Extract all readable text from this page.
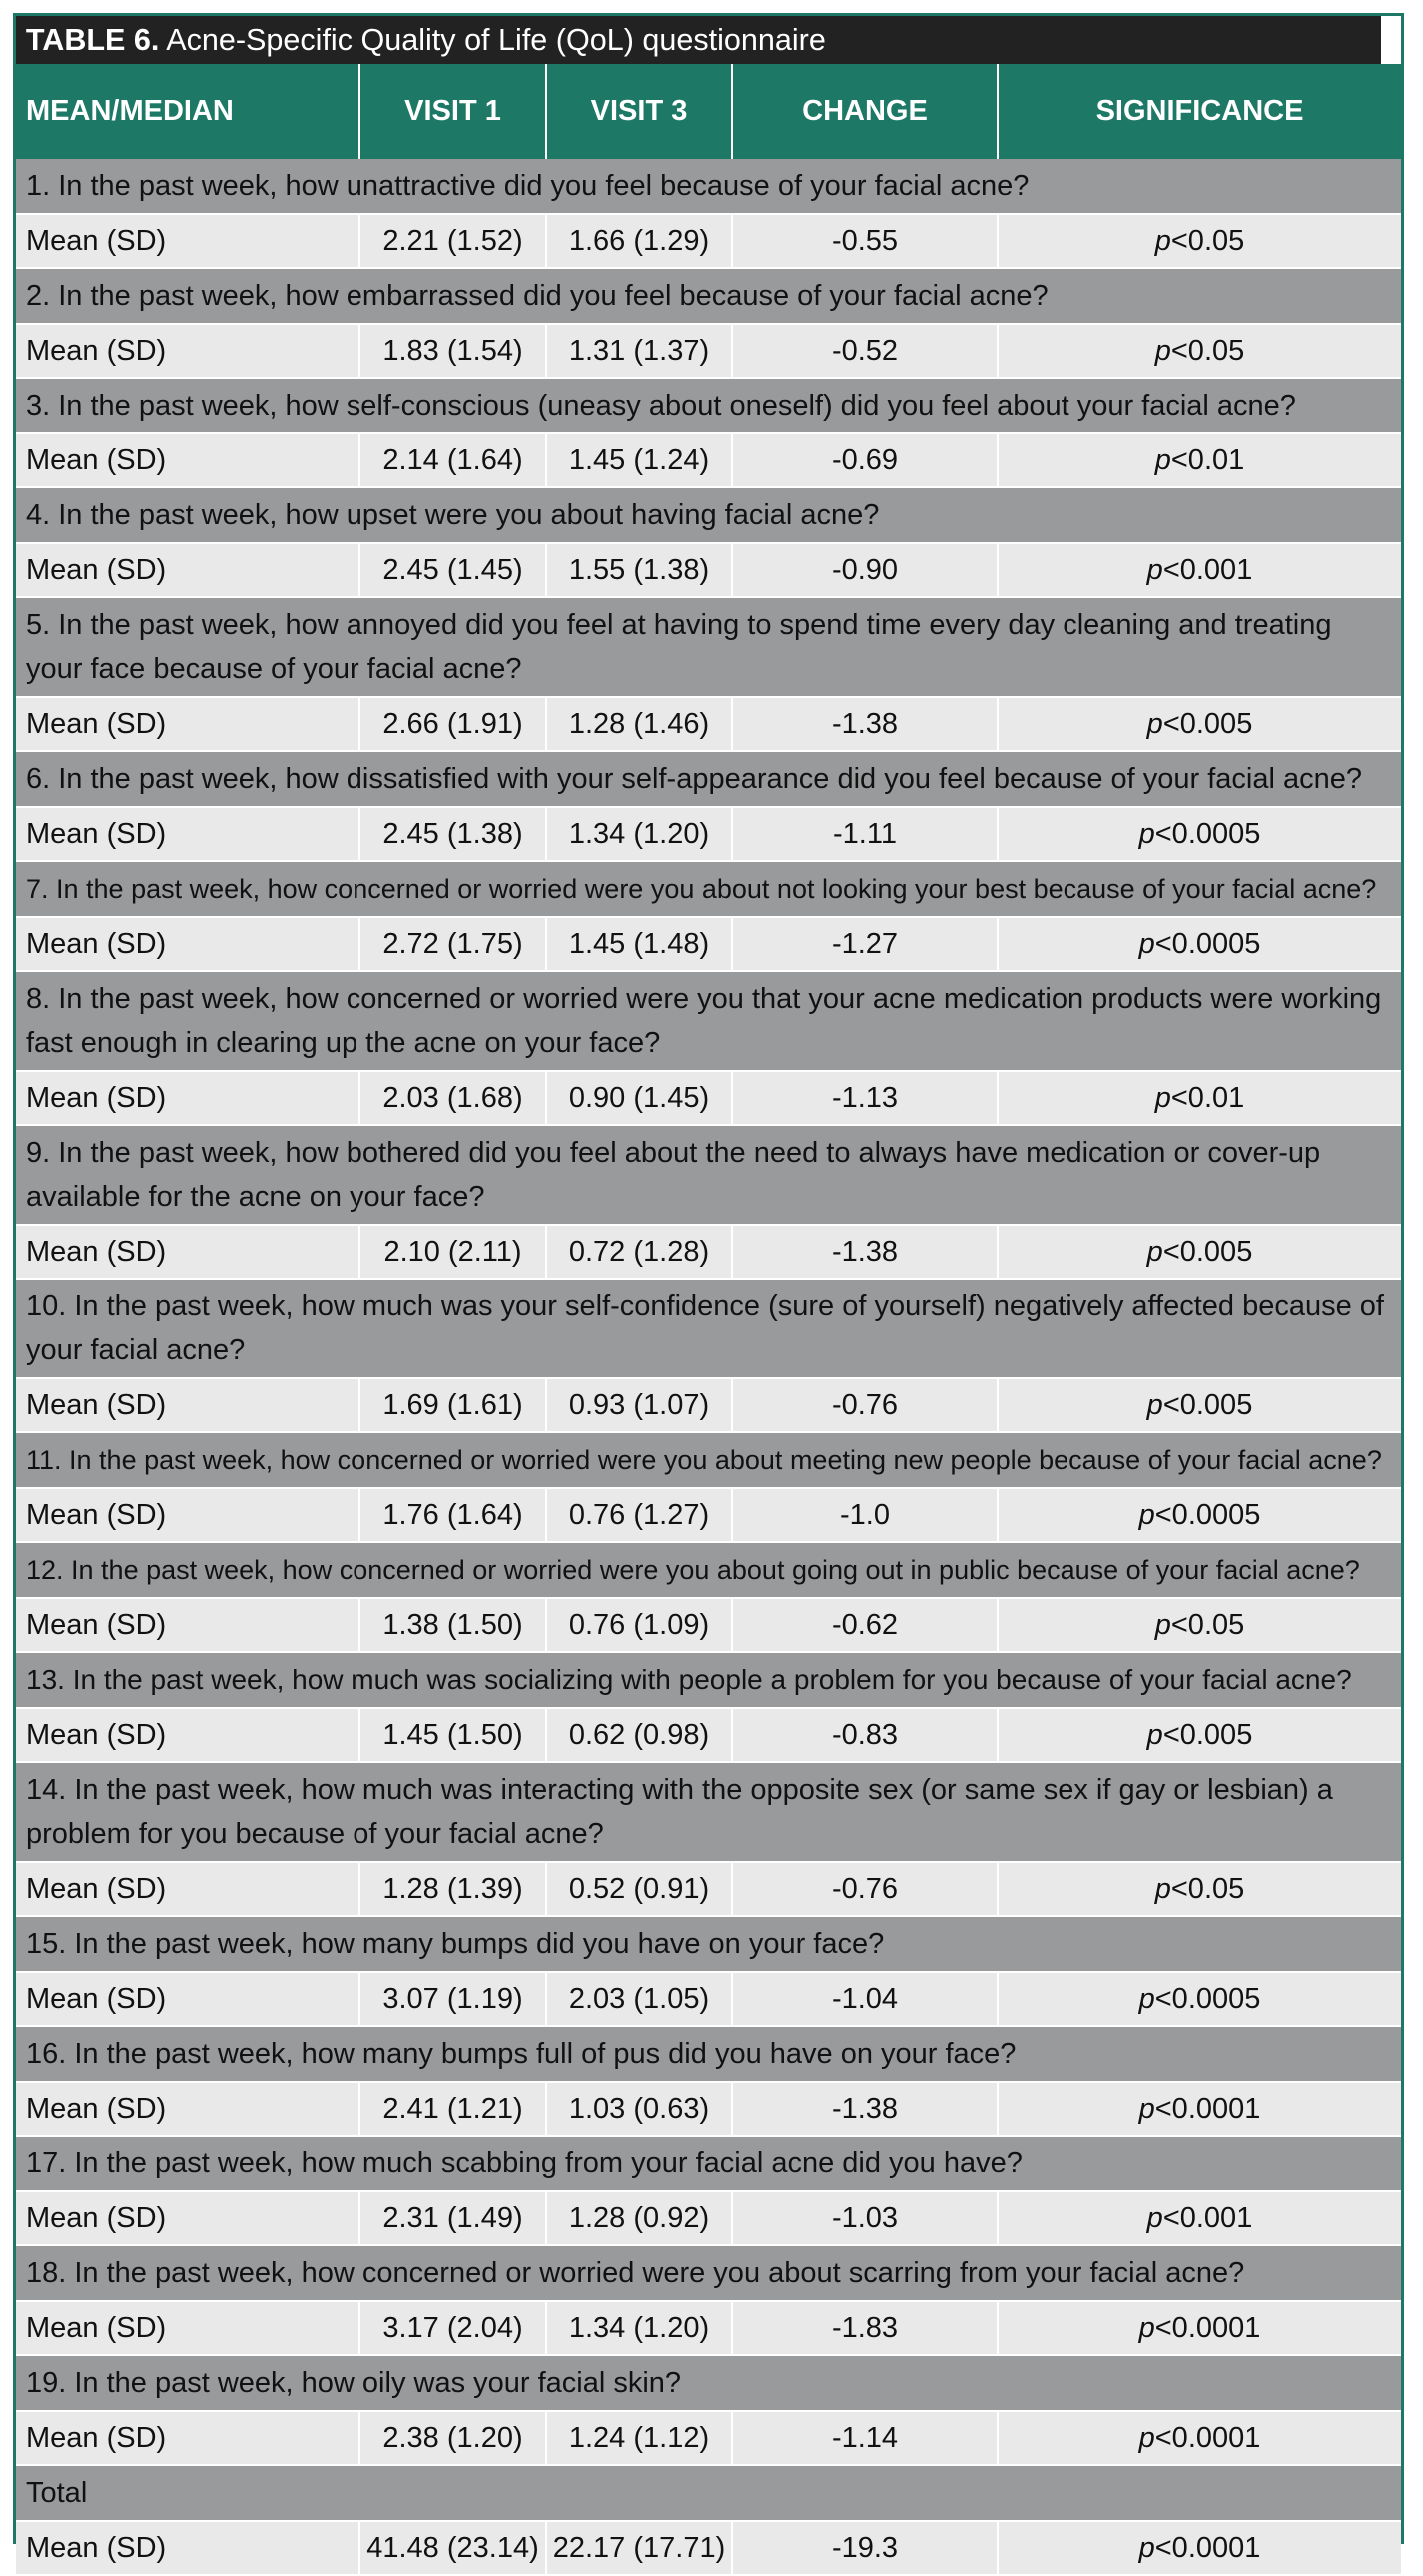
TABLE 6. Acne-Specific Quality of Life (QoL) questionnaire
MEAN/MEDIAN	VISIT 1	VISIT 3	CHANGE	SIGNIFICANCE
1. In the past week, how unattractive did you feel because of your facial acne?				
Mean (SD)	2.21 (1.52)	1.66 (1.29)	-0.55	p<0.05
2. In the past week, how embarrassed did you feel because of your facial acne?				
Mean (SD)	1.83 (1.54)	1.31 (1.37)	-0.52	p<0.05
3. In the past week, how self-conscious (uneasy about oneself) did you feel about your facial acne?				
Mean (SD)	2.14 (1.64)	1.45 (1.24)	-0.69	p<0.01
4. In the past week, how upset were you about having facial acne?				
Mean (SD)	2.45 (1.45)	1.55 (1.38)	-0.90	p<0.001
5. In the past week, how annoyed did you feel at having to spend time every day cleaning and treating your face because of your facial acne?				
Mean (SD)	2.66 (1.91)	1.28 (1.46)	-1.38	p<0.005
6. In the past week, how dissatisfied with your self-appearance did you feel because of your facial acne?				
Mean (SD)	2.45 (1.38)	1.34 (1.20)	-1.11	p<0.0005
7. In the past week, how concerned or worried were you about not looking your best because of your facial acne?				
Mean (SD)	2.72 (1.75)	1.45 (1.48)	-1.27	p<0.0005
8. In the past week, how concerned or worried were you that your acne medication products were working fast enough in clearing up the acne on your face?				
Mean (SD)	2.03 (1.68)	0.90 (1.45)	-1.13	p<0.01
9. In the past week, how bothered did you feel about the need to always have medication or cover-up available for the acne on your face?				
Mean (SD)	2.10 (2.11)	0.72 (1.28)	-1.38	p<0.005
10. In the past week, how much was your self-confidence (sure of yourself) negatively affected because of your facial acne?				
Mean (SD)	1.69 (1.61)	0.93 (1.07)	-0.76	p<0.005
11. In the past week, how concerned or worried were you about meeting new people because of your facial acne?				
Mean (SD)	1.76 (1.64)	0.76 (1.27)	-1.0	p<0.0005
12. In the past week, how concerned or worried were you about going out in public because of your facial acne?				
Mean (SD)	1.38 (1.50)	0.76 (1.09)	-0.62	p<0.05
13. In the past week, how much was socializing with people a problem for you because of your facial acne?				
Mean (SD)	1.45 (1.50)	0.62 (0.98)	-0.83	p<0.005
14. In the past week, how much was interacting with the opposite sex (or same sex if gay or lesbian) a problem for you because of your facial acne?				
Mean (SD)	1.28 (1.39)	0.52 (0.91)	-0.76	p<0.05
15. In the past week, how many bumps did you have on your face?				
Mean (SD)	3.07 (1.19)	2.03 (1.05)	-1.04	p<0.0005
16. In the past week, how many bumps full of pus did you have on your face?				
Mean (SD)	2.41 (1.21)	1.03 (0.63)	-1.38	p<0.0001
17. In the past week, how much scabbing from your facial acne did you have?				
Mean (SD)	2.31 (1.49)	1.28 (0.92)	-1.03	p<0.001
18. In the past week, how concerned or worried were you about scarring from your facial acne?				
Mean (SD)	3.17 (2.04)	1.34 (1.20)	-1.83	p<0.0001
19. In the past week, how oily was your facial skin?				
Mean (SD)	2.38 (1.20)	1.24 (1.12)	-1.14	p<0.0001
Total				
Mean (SD)	41.48 (23.14)	22.17 (17.71)	-19.3	p<0.0001
